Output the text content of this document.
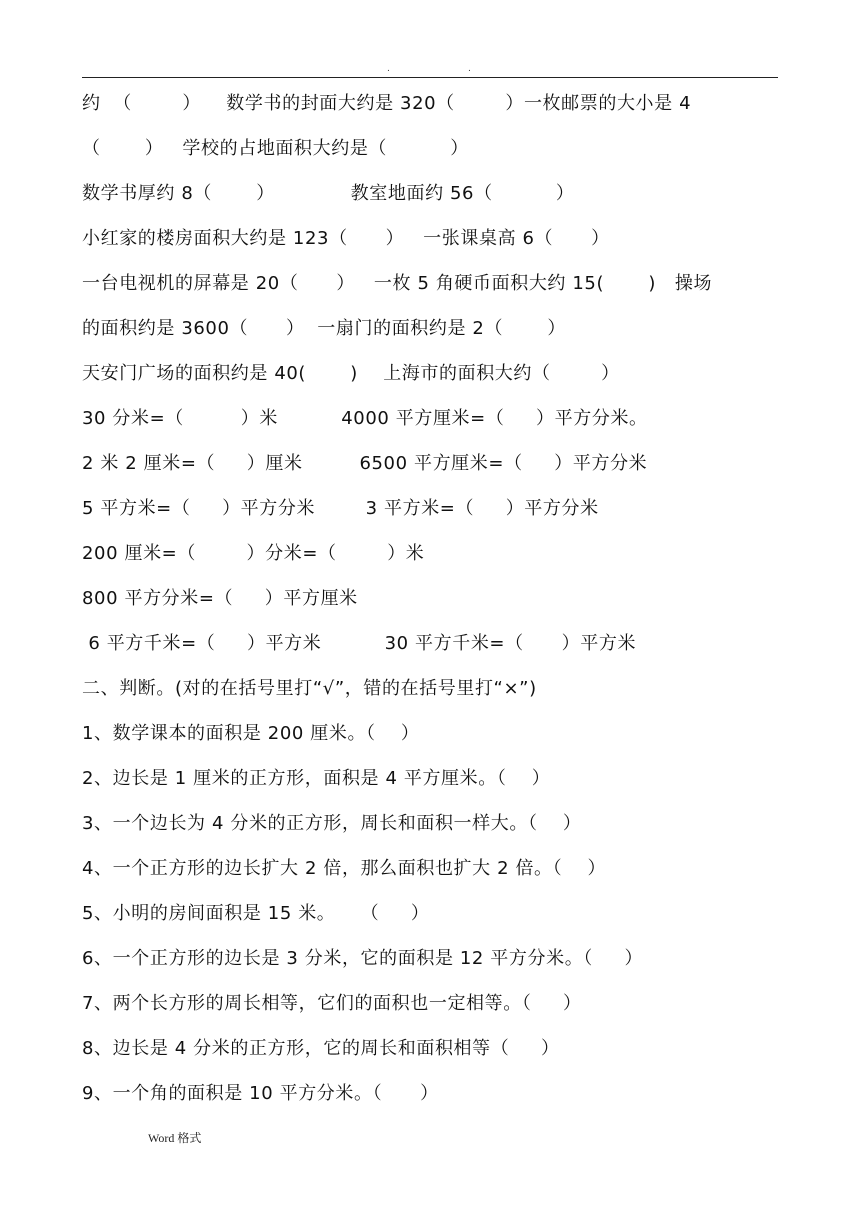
.	.
约  （        ）    数学书的封面大约是 320（        ）一枚邮票的大小是 4
（       ）   学校的占地面积大约是（          ）
数学书厚约 8（       ）            教室地面约 56（          ）
小红家的楼房面积大约是 123（      ）   一张课桌高 6（      ）
一台电视机的屏幕是 20（      ）   一枚 5 角硬币面积大约 15(       )   操场
的面积约是 3600（      ）  一扇门的面积约是 2（       ）
天安门广场的面积约是 40(       )    上海市的面积大约（        ）
30 分米=（         ）米          4000 平方厘米=（     ）平方分米。
2 米 2 厘米=（     ）厘米         6500 平方厘米=（     ）平方分米
5 平方米=（     ）平方分米        3 平方米=（     ）平方分米
200 厘米=（        ）分米=（        ）米
800 平方分米=（     ）平方厘米
6 平方千米=（     ）平方米          30 平方千米=（      ）平方米
二、判断。(对的在括号里打“√”，错的在括号里打“×”)
1、数学课本的面积是 200 厘米。（    ）
2、边长是 1 厘米的正方形，面积是 4 平方厘米。（    ）
3、一个边长为 4 分米的正方形，周长和面积一样大。（    ）
4、一个正方形的边长扩大 2 倍，那么面积也扩大 2 倍。（    ）
5、小明的房间面积是 15 米。    （     ）
6、一个正方形的边长是 3 分米，它的面积是 12 平方分米。（     ）
7、两个长方形的周长相等，它们的面积也一定相等。（     ）
8、边长是 4 分米的正方形，它的周长和面积相等（     ）
9、一个角的面积是 10 平方分米。（      ）
Word 格式
